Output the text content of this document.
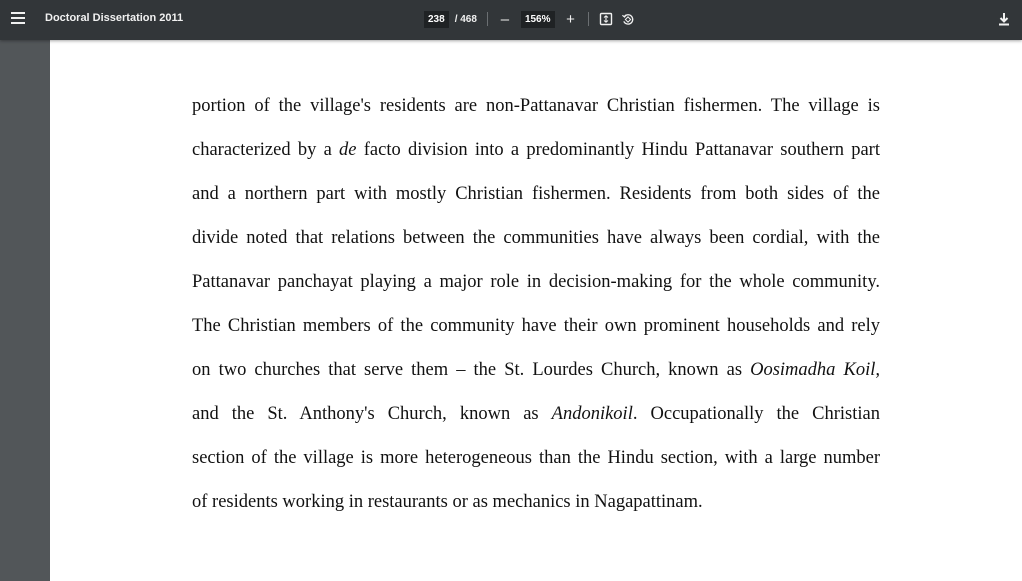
Doctoral Dissertation 2011	238	/ 468 –	156% +
portion of the village's residents are non-Pattanavar Christian fishermen. The village is
characterized by a de facto division into a predominantly Hindu Pattanavar southern part
and a northern part with mostly Christian fishermen. Residents from both sides of the
divide noted that relations between the communities have always been cordial, with the
Pattanavar panchayat playing a major role in decision-making for the whole community.
The Christian members of the community have their own prominent households and rely
on two churches that serve them – the St. Lourdes Church, known as Oosimadha Koil,
and the St. Anthony's Church, known as Andonikoil. Occupationally the Christian
section of the village is more heterogeneous than the Hindu section, with a large number
of residents working in restaurants or as mechanics in Nagapattinam.
